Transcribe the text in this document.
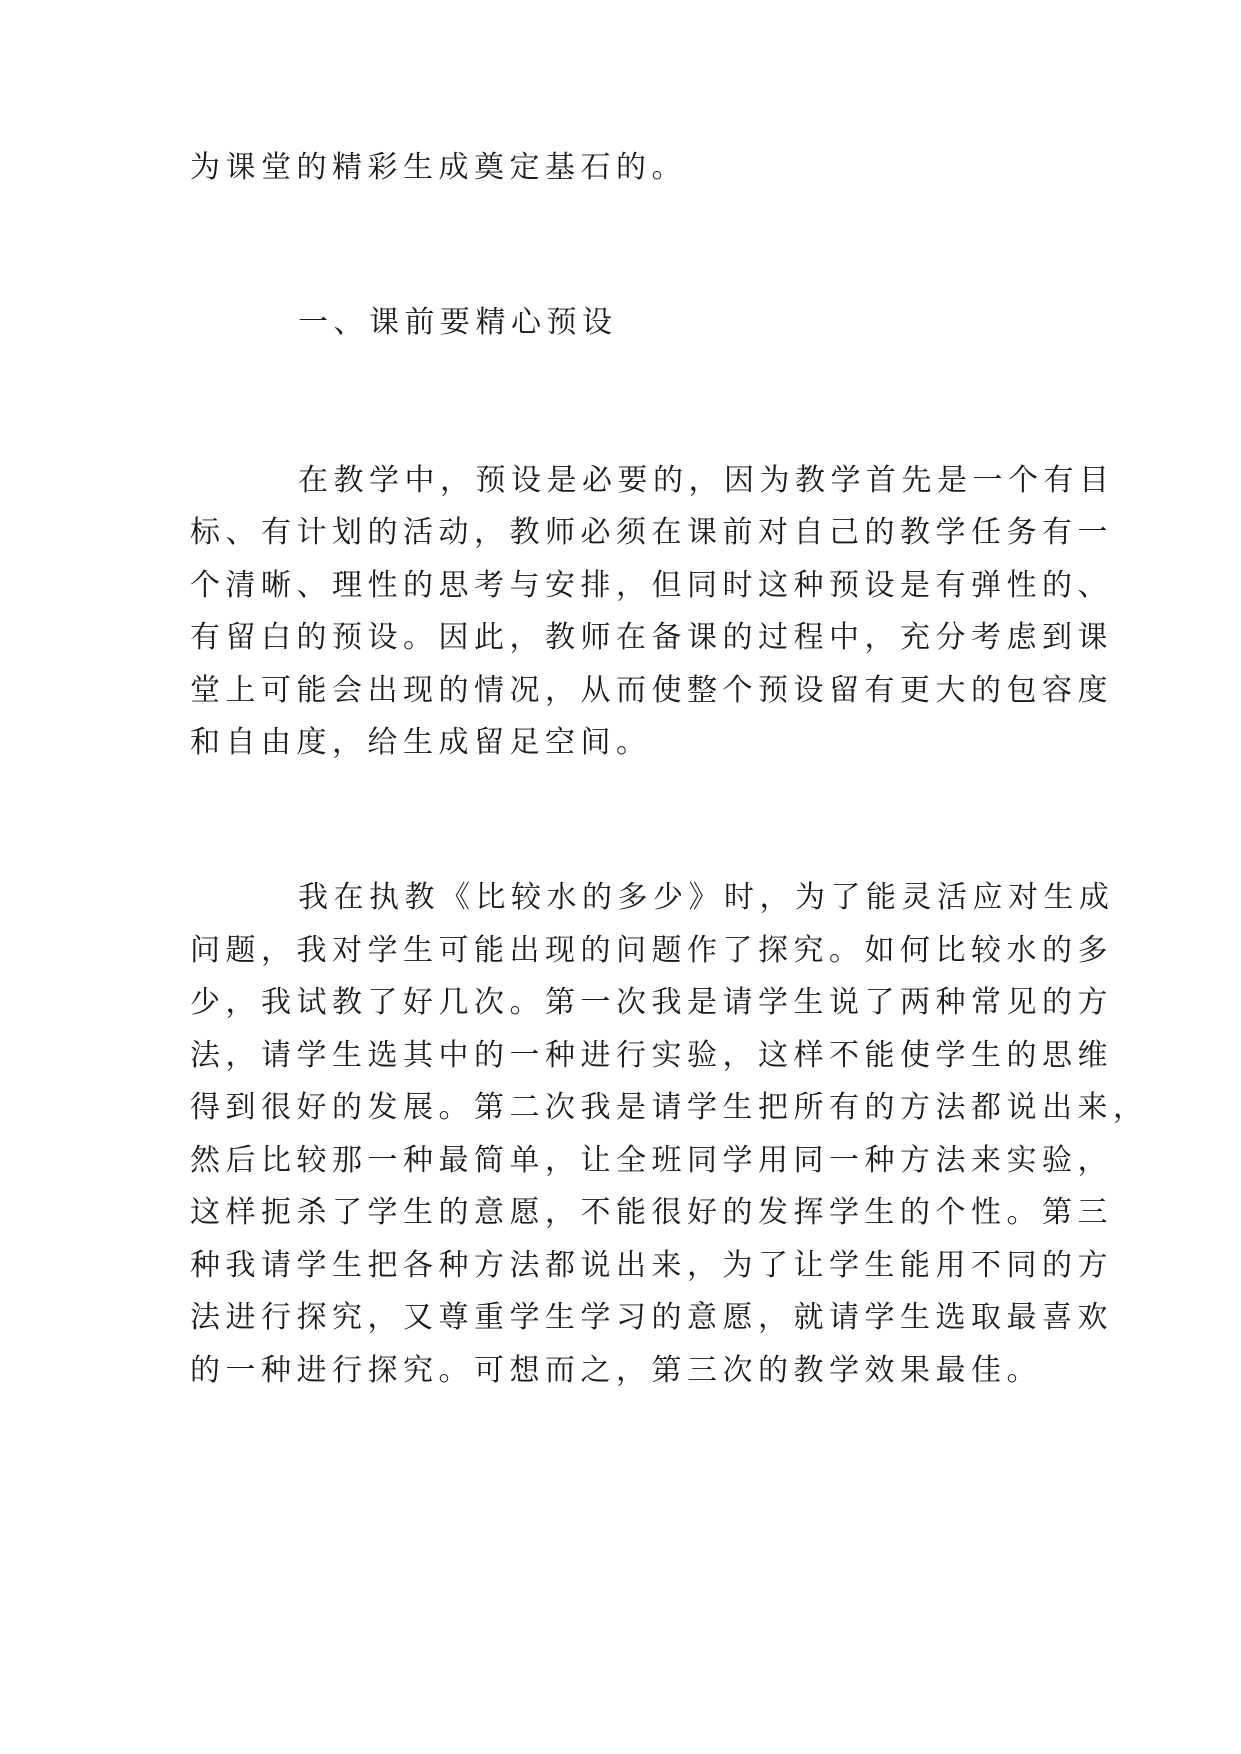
为课堂的精彩生成奠定基石的。
一、课前要精心预设
在教学中，预设是必要的，因为教学首先是一个有目
标、有计划的活动，教师必须在课前对自己的教学任务有一
个清晰、理性的思考与安排，但同时这种预设是有弹性的、
有留白的预设。因此，教师在备课的过程中，充分考虑到课
堂上可能会出现的情况，从而使整个预设留有更大的包容度
和自由度，给生成留足空间。
我在执教《比较水的多少》时，为了能灵活应对生成
问题，我对学生可能出现的问题作了探究。如何比较水的多
少，我试教了好几次。第一次我是请学生说了两种常见的方
法，请学生选其中的一种进行实验，这样不能使学生的思维
得到很好的发展。第二次我是请学生把所有的方法都说出来，
然后比较那一种最简单，让全班同学用同一种方法来实验，
这样扼杀了学生的意愿，不能很好的发挥学生的个性。第三
种我请学生把各种方法都说出来，为了让学生能用不同的方
法进行探究，又尊重学生学习的意愿，就请学生选取最喜欢
的一种进行探究。可想而之，第三次的教学效果最佳。
